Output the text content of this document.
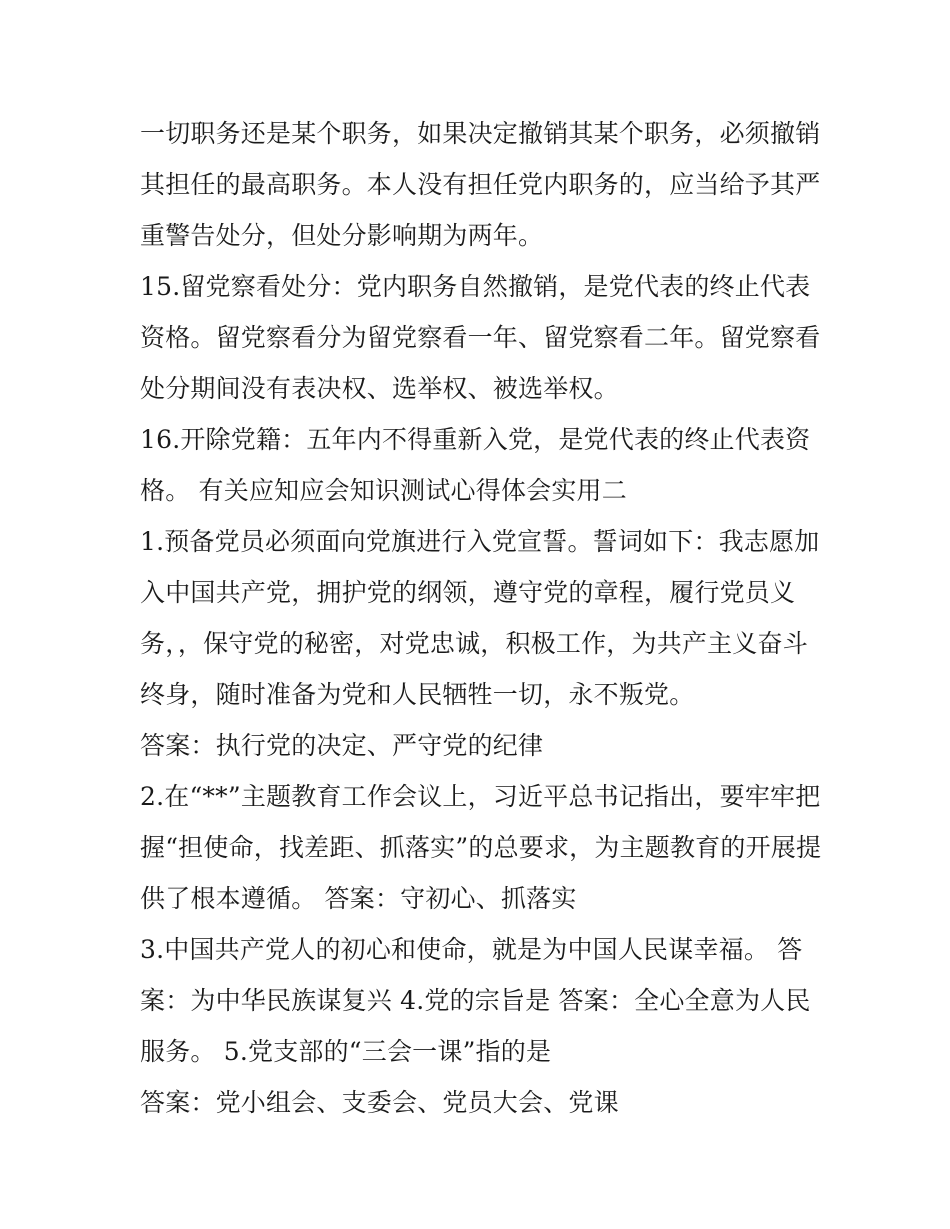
一切职务还是某个职务，如果决定撤销其某个职务，必须撤销
其担任的最高职务。本人没有担任党内职务的，应当给予其严
重警告处分，但处分影响期为两年。
15.留党察看处分：党内职务自然撤销，是党代表的终止代表
资格。留党察看分为留党察看一年、留党察看二年。留党察看
处分期间没有表决权、选举权、被选举权。
16.开除党籍：五年内不得重新入党，是党代表的终止代表资
格。 有关应知应会知识测试心得体会实用二
1.预备党员必须面向党旗进行入党宣誓。誓词如下：我志愿加
入中国共产党，拥护党的纲领，遵守党的章程，履行党员义
务，，保守党的秘密，对党忠诚，积极工作，为共产主义奋斗
终身，随时准备为党和人民牺牲一切，永不叛党。
答案：执行党的决定、严守党的纪律
2.在“**”主题教育工作会议上，习近平总书记指出，要牢牢把
握“担使命，找差距、抓落实”的总要求，为主题教育的开展提
供了根本遵循。 答案：守初心、抓落实
3.中国共产党人的初心和使命，就是为中国人民谋幸福。 答
案：为中华民族谋复兴 4.党的宗旨是 答案：全心全意为人民
服务。 5.党支部的“三会一课”指的是
答案：党小组会、支委会、党员大会、党课
